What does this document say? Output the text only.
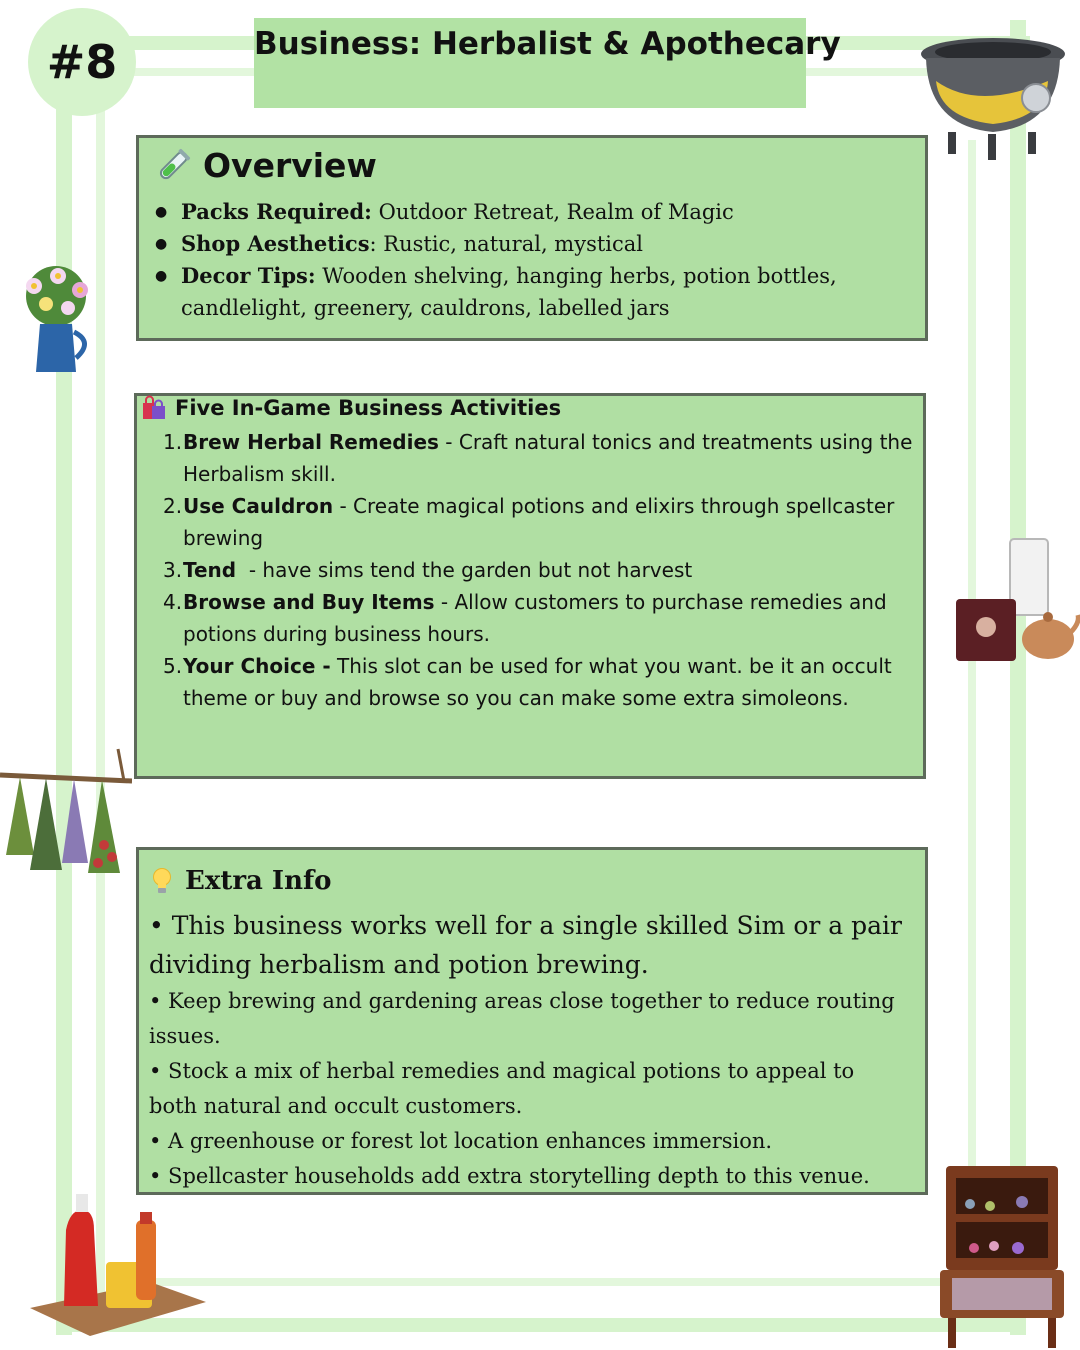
#8	Business: Herbalist & Apothecary
Overview
● Packs Required: Outdoor Retreat, Realm of Magic
● Shop Aesthetics: Rustic, natural, mystical
● Decor Tips: Wooden shelving, hanging herbs, potion bottles, candlelight, greenery, cauldrons, labelled jars
Five In-Game Business Activities
1. Brew Herbal Remedies - Craft natural tonics and treatments using the Herbalism skill.
2. Use Cauldron - Create magical potions and elixirs through spellcaster brewing
3. Tend  - have sims tend the garden but not harvest
4. Browse and Buy Items - Allow customers to purchase remedies and potions during business hours.
5. Your Choice - This slot can be used for what you want. be it an occult theme or buy and browse so you can make some extra simoleons.
Extra Info

• This business works well for a single skilled Sim or a pair dividing herbalism and potion brewing.

• Keep brewing and gardening areas close together to reduce routing issues.

• Stock a mix of herbal remedies and magical potions to appeal to both natural and occult customers.

• A greenhouse or forest lot location enhances immersion.

• Spellcaster households add extra storytelling depth to this venue.
